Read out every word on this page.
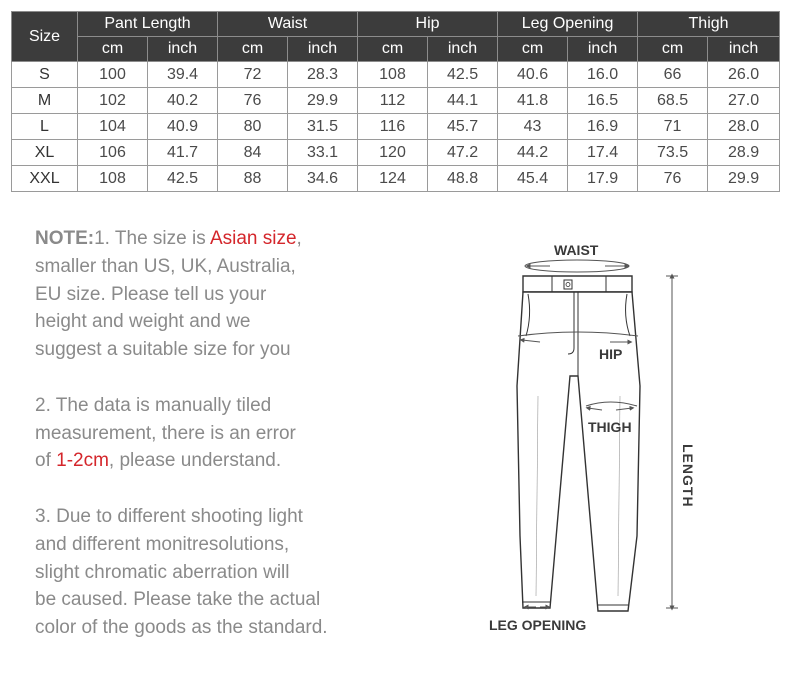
Size	Pant Length		Waist		Hip		Leg Opening		Thigh	
	cm	inch	cm	inch	cm	inch	cm	inch	cm	inch
S	100	39.4	72	28.3	108	42.5	40.6	16.0	66	26.0
M	102	40.2	76	29.9	112	44.1	41.8	16.5	68.5	27.0
L	104	40.9	80	31.5	116	45.7	43	16.9	71	28.0
XL	106	41.7	84	33.1	120	47.2	44.2	17.4	73.5	28.9
XXL	108	42.5	88	34.6	124	48.8	45.4	17.9	76	29.9

NOTE:1. The size is Asian size,
smaller than US, UK, Australia,
EU size. Please tell us your
height and weight and we
suggest a suitable size for you

2. The data is manually tiled
measurement, there is an error
of 1-2cm, please understand.

3. Due to different shooting light
and different monitresolutions,
slight chromatic aberration will
be caused. Please take the actual
color of the goods as the standard.

WAIST
HIP
THIGH
LENGTH
LEG OPENING
